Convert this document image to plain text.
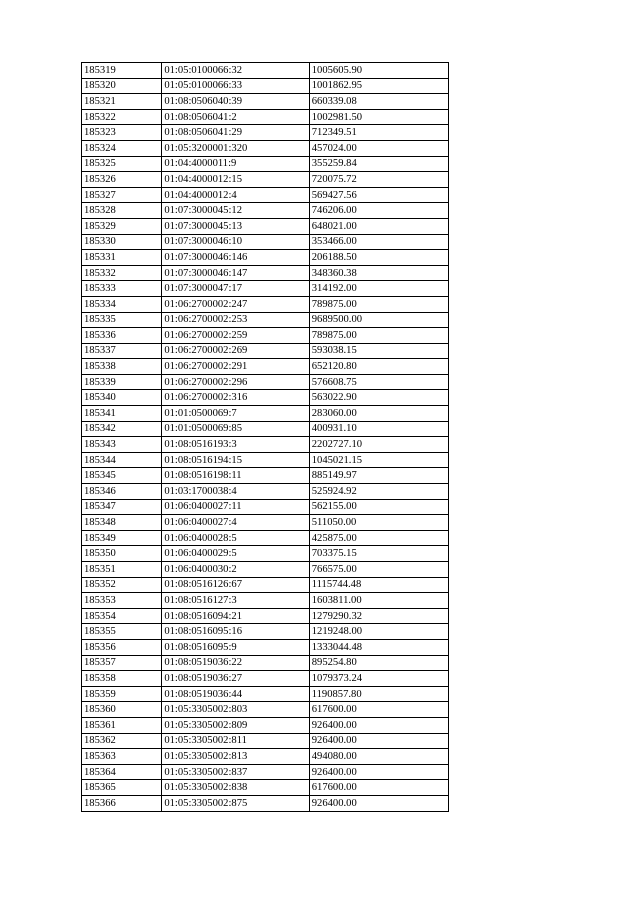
185319	01:05:0100066:32	1005605.90
185320	01:05:0100066:33	1001862.95
185321	01:08:0506040:39	660339.08
185322	01:08:0506041:2	1002981.50
185323	01:08:0506041:29	712349.51
185324	01:05:3200001:320	457024.00
185325	01:04:4000011:9	355259.84
185326	01:04:4000012:15	720075.72
185327	01:04:4000012:4	569427.56
185328	01:07:3000045:12	746206.00
185329	01:07:3000045:13	648021.00
185330	01:07:3000046:10	353466.00
185331	01:07:3000046:146	206188.50
185332	01:07:3000046:147	348360.38
185333	01:07:3000047:17	314192.00
185334	01:06:2700002:247	789875.00
185335	01:06:2700002:253	9689500.00
185336	01:06:2700002:259	789875.00
185337	01:06:2700002:269	593038.15
185338	01:06:2700002:291	652120.80
185339	01:06:2700002:296	576608.75
185340	01:06:2700002:316	563022.90
185341	01:01:0500069:7	283060.00
185342	01:01:0500069:85	400931.10
185343	01:08:0516193:3	2202727.10
185344	01:08:0516194:15	1045021.15
185345	01:08:0516198:11	885149.97
185346	01:03:1700038:4	525924.92
185347	01:06:0400027:11	562155.00
185348	01:06:0400027:4	511050.00
185349	01:06:0400028:5	425875.00
185350	01:06:0400029:5	703375.15
185351	01:06:0400030:2	766575.00
185352	01:08:0516126:67	1115744.48
185353	01:08:0516127:3	1603811.00
185354	01:08:0516094:21	1279290.32
185355	01:08:0516095:16	1219248.00
185356	01:08:0516095:9	1333044.48
185357	01:08:0519036:22	895254.80
185358	01:08:0519036:27	1079373.24
185359	01:08:0519036:44	1190857.80
185360	01:05:3305002:803	617600.00
185361	01:05:3305002:809	926400.00
185362	01:05:3305002:811	926400.00
185363	01:05:3305002:813	494080.00
185364	01:05:3305002:837	926400.00
185365	01:05:3305002:838	617600.00
185366	01:05:3305002:875	926400.00
